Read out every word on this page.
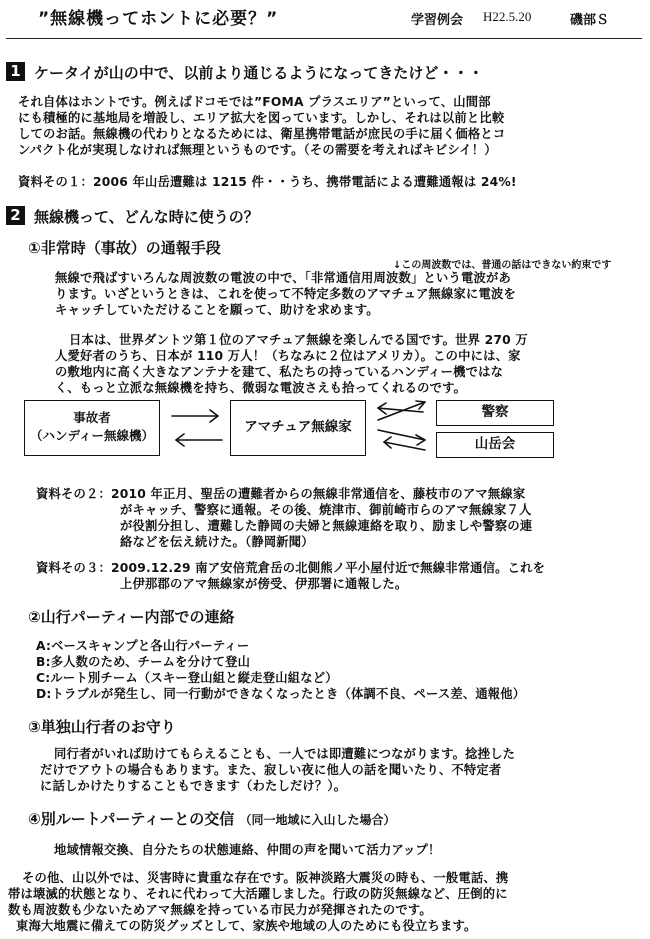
”無線機ってホントに必要？”	学習例会 H22.5.20	磯部Ｓ
1 ケータイが山の中で、以前より通じるようになってきたけど・・・
それ自体はホントです。例えばドコモでは”FOMA プラスエリア”といって、山間部
にも積極的に基地局を増設し、エリア拡大を図っています。しかし、それは以前と比較
してのお話。無線機の代わりとなるためには、衛星携帯電話が庶民の手に届く価格とコ
ンパクト化が実現しなければ無理というものです。（その需要を考えればキビシイ！）
資料その１：2006 年山岳遭難は 1215 件・・うち、携帯電話による遭難通報は 24%!
2 無線機って、どんな時に使うの？
①非常時（事故）の通報手段
↓この周波数では、普通の話はできない約束です
無線で飛ばすいろんな周波数の電波の中で、「非常通信用周波数」という電波があ
ります。いざというときは、これを使って不特定多数のアマチュア無線家に電波を
キャッチしていただけることを願って、助けを求めます。
日本は、世界ダントツ第１位のアマチュア無線を楽しんでる国です。世界 270 万
人愛好者のうち、日本が 110 万人！（ちなみに２位はアメリカ）。この中には、家
の敷地内に高く大きなアンテナを建て、私たちの持っているハンディー機ではな
く、もっと立派な無線機を持ち、微弱な電波さえも拾ってくれるのです。
事故者
（ハンディー無線機）
アマチュア無線家
警察
山岳会
資料その２：2010 年正月、聖岳の遭難者からの無線非常通信を、藤枝市のアマ無線家
がキャッチ、警察に通報。その後、焼津市、御前崎市らのアマ無線家７人
が役割分担し、遭難した静岡の夫婦と無線連絡を取り、励ましや警察の連
絡などを伝え続けた。（静岡新聞）
資料その３：2009.12.29 南ア安倍荒倉岳の北側熊ノ平小屋付近で無線非常通信。これを
上伊那郡のアマ無線家が傍受、伊那署に通報した。
②山行パーティー内部での連絡
A:ベースキャンプと各山行パーティー
B:多人数のため、チームを分けて登山
C:ルート別チーム（スキー登山組と縦走登山組など）
D:トラブルが発生し、同一行動ができなくなったとき（体調不良、ペース差、通報他）
③単独山行者のお守り
同行者がいれば助けてもらえることも、一人では即遭難につながります。捻挫した
だけでアウトの場合もあります。また、寂しい夜に他人の話を聞いたり、不特定者
に話しかけたりすることもできます（わたしだけ？）。
④別ルートパーティーとの交信 （同一地域に入山した場合）
地域情報交換、自分たちの状態連絡、仲間の声を聞いて活力アップ！
その他、山以外では、災害時に貴重な存在です。阪神淡路大震災の時も、一般電話、携
帯は壊滅的状態となり、それに代わって大活躍しました。行政の防災無線など、圧倒的に
数も周波数も少ないためアマ無線を持っている市民力が発揮されたのです。
東海大地震に備えての防災グッズとして、家族や地域の人のためにも役立ちます。
